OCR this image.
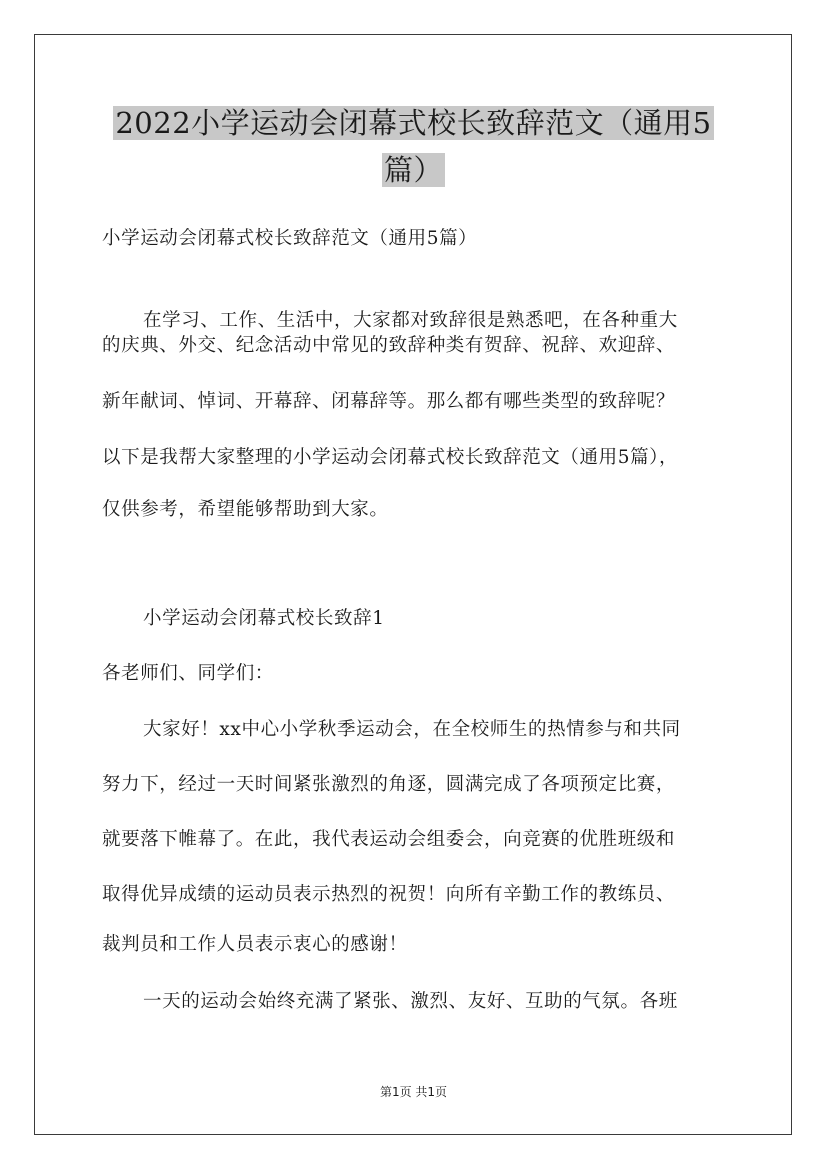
2022小学运动会闭幕式校长致辞范文（通用5
篇）
小学运动会闭幕式校长致辞范文（通用5篇）
在学习、工作、生活中，大家都对致辞很是熟悉吧，在各种重大
的庆典、外交、纪念活动中常见的致辞种类有贺辞、祝辞、欢迎辞、
新年献词、悼词、开幕辞、闭幕辞等。那么都有哪些类型的致辞呢？
以下是我帮大家整理的小学运动会闭幕式校长致辞范文（通用5篇），
仅供参考，希望能够帮助到大家。
小学运动会闭幕式校长致辞1
各老师们、同学们：
大家好！xx中心小学秋季运动会，在全校师生的热情参与和共同
努力下，经过一天时间紧张激烈的角逐，圆满完成了各项预定比赛，
就要落下帷幕了。在此，我代表运动会组委会，向竞赛的优胜班级和
取得优异成绩的运动员表示热烈的祝贺！向所有辛勤工作的教练员、
裁判员和工作人员表示衷心的感谢！
一天的运动会始终充满了紧张、激烈、友好、互助的气氛。各班
第1页 共1页
